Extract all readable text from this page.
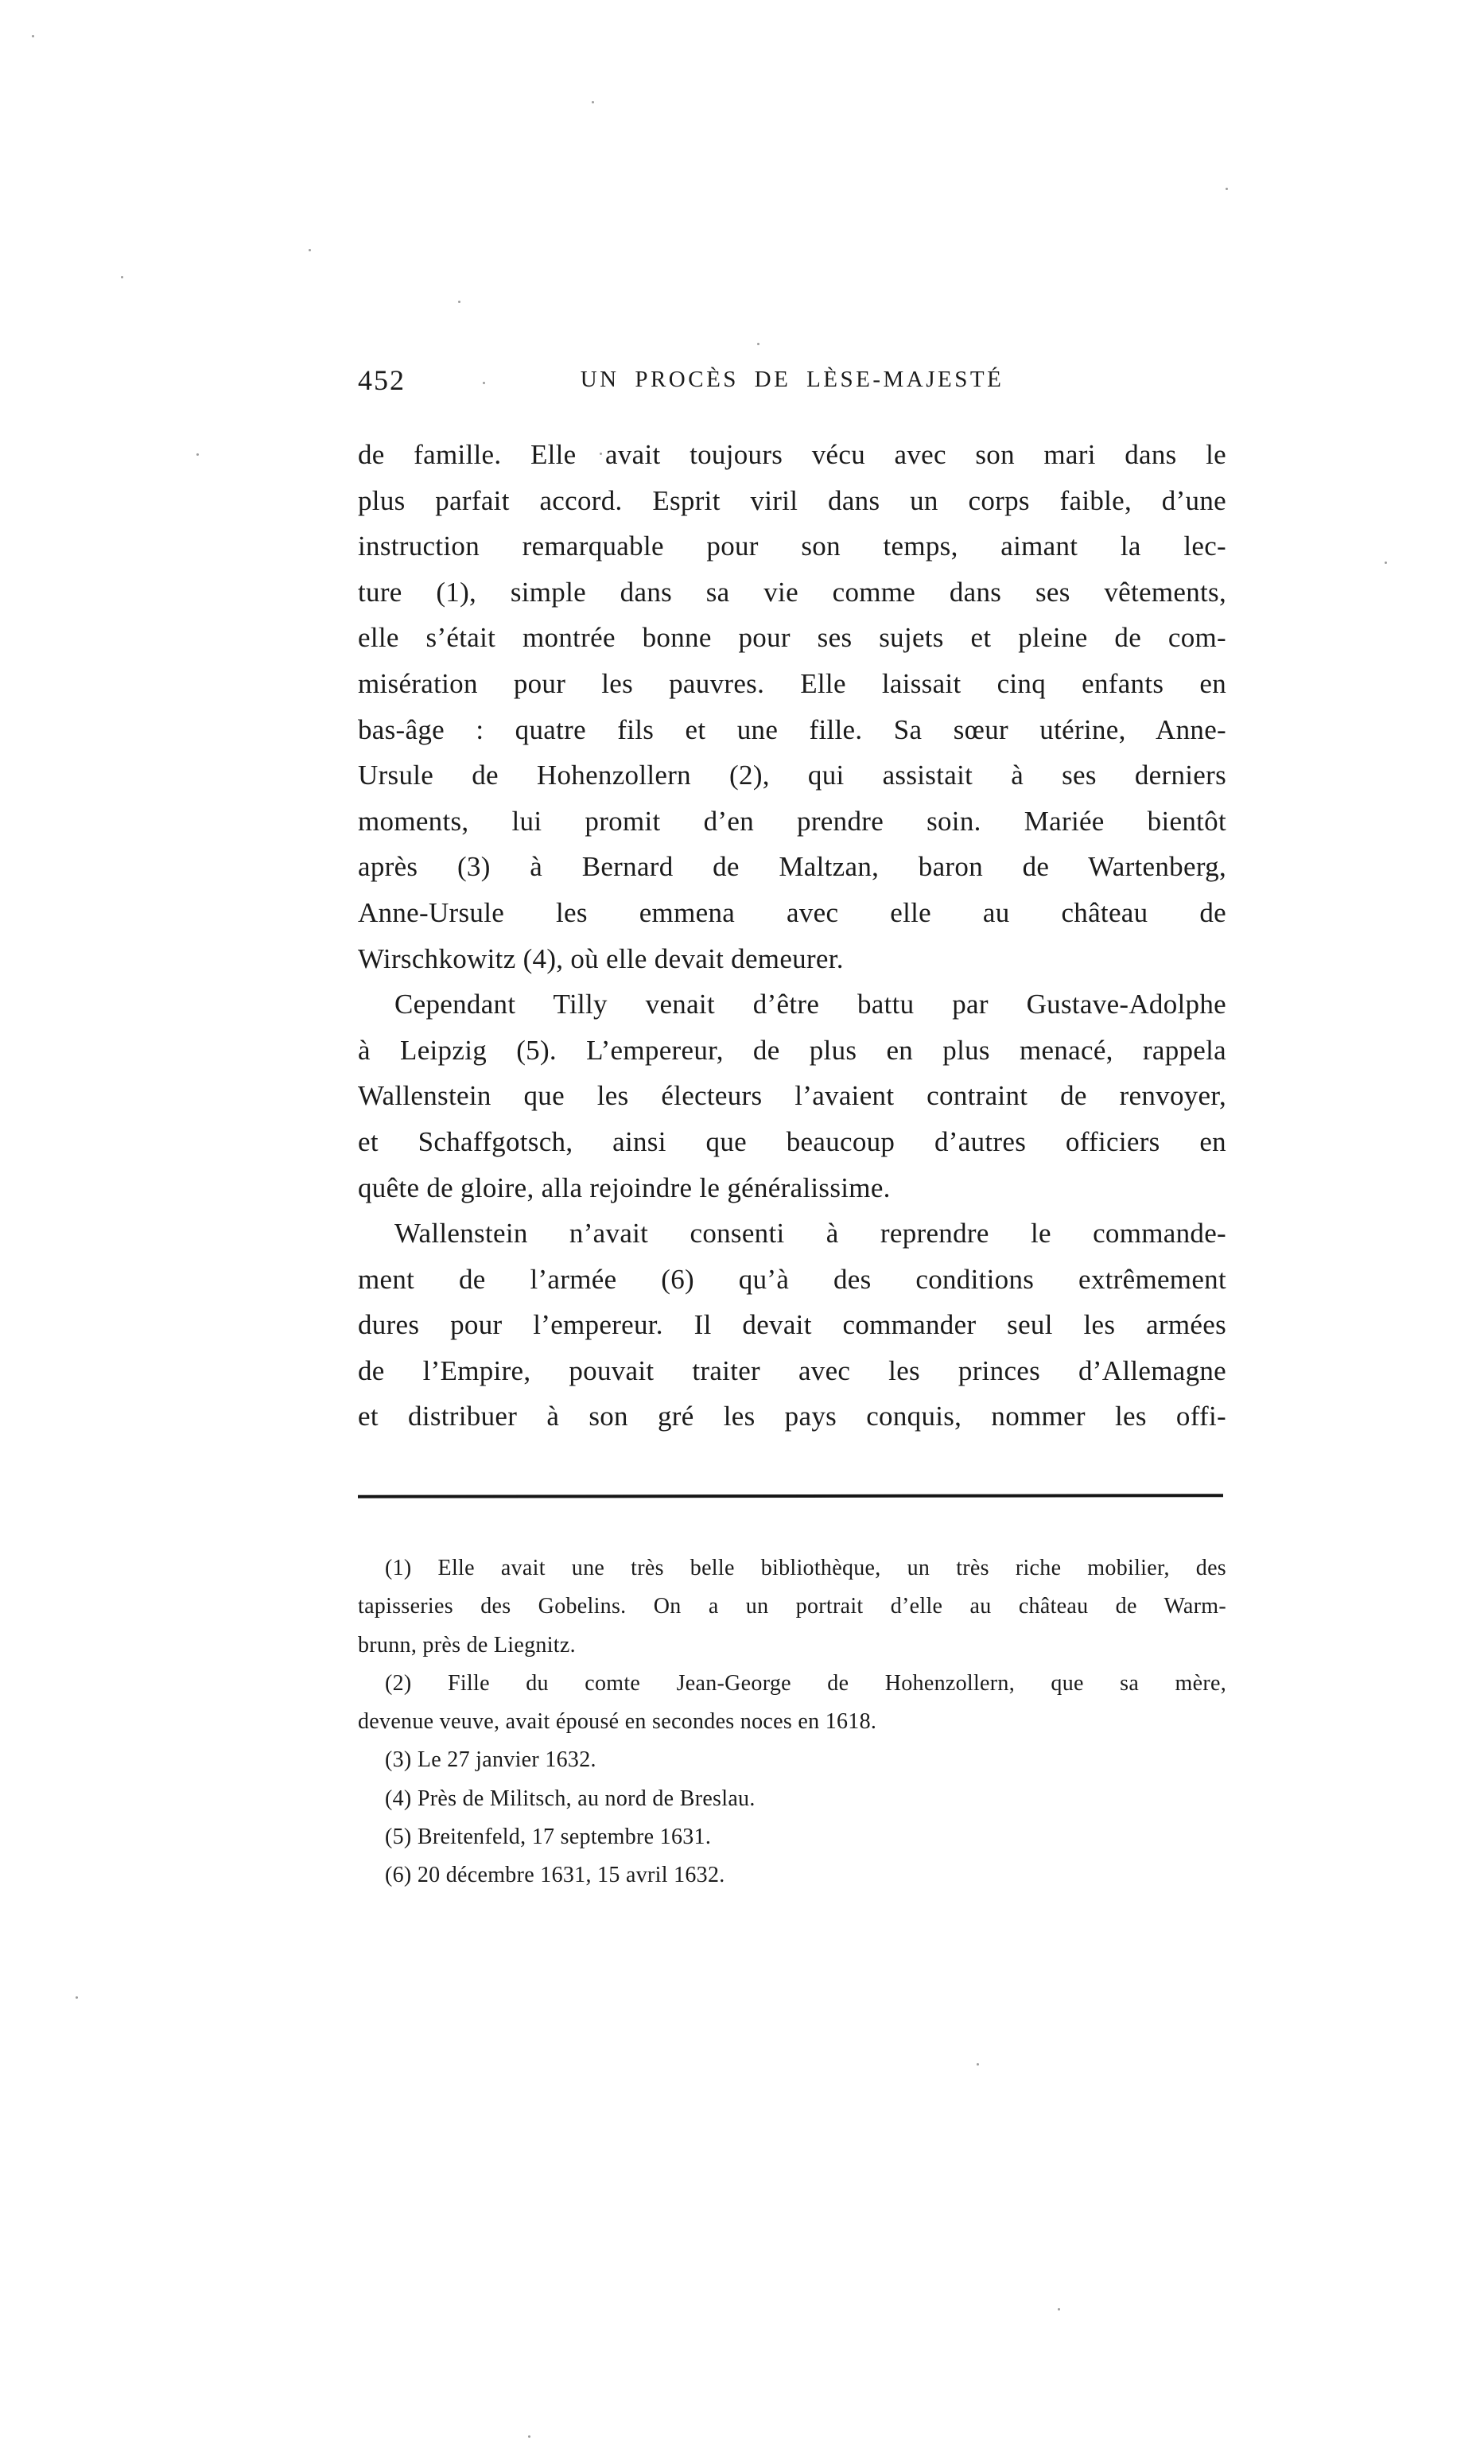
452	UN PROCÈS DE LÈSE-MAJESTÉ
de famille. Elle avait toujours vécu avec son mari dans le
plus parfait accord. Esprit viril dans un corps faible, d’une
instruction remarquable pour son temps, aimant la lec-
ture (1), simple dans sa vie comme dans ses vêtements,
elle s’était montrée bonne pour ses sujets et pleine de com-
misération pour les pauvres. Elle laissait cinq enfants en
bas-âge : quatre fils et une fille. Sa sœur utérine, Anne-
Ursule de Hohenzollern (2), qui assistait à ses derniers
moments, lui promit d’en prendre soin. Mariée bientôt
après (3) à Bernard de Maltzan, baron de Wartenberg,
Anne-Ursule les emmena avec elle au château de
Wirschkowitz (4), où elle devait demeurer.
Cependant Tilly venait d’être battu par Gustave-Adolphe
à Leipzig (5). L’empereur, de plus en plus menacé, rappela
Wallenstein que les électeurs l’avaient contraint de renvoyer,
et Schaffgotsch, ainsi que beaucoup d’autres officiers en
quête de gloire, alla rejoindre le généralissime.
Wallenstein n’avait consenti à reprendre le commande-
ment de l’armée (6) qu’à des conditions extrêmement
dures pour l’empereur. Il devait commander seul les armées
de l’Empire, pouvait traiter avec les princes d’Allemagne
et distribuer à son gré les pays conquis, nommer les offi-
(1) Elle avait une très belle bibliothèque, un très riche mobilier, des
tapisseries des Gobelins. On a un portrait d’elle au château de Warm-
brunn, près de Liegnitz.
(2) Fille du comte Jean-George de Hohenzollern, que sa mère,
devenue veuve, avait épousé en secondes noces en 1618.
(3) Le 27 janvier 1632.
(4) Près de Militsch, au nord de Breslau.
(5) Breitenfeld, 17 septembre 1631.
(6) 20 décembre 1631, 15 avril 1632.
